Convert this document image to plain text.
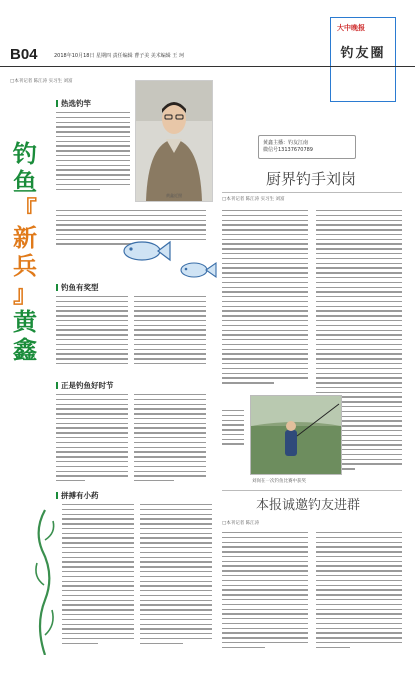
大中晚报
钓友圈
B04	2018年10月18日 星期四 责任编辑 曹子美 美术编辑 王 珂
□本刊记者 陈江涛 实习生 刘富
钓
鱼
『
新
兵
』
黄
鑫
热选钓竿
黄鑫近照
钓鱼有奖型
正是钓鱼好时节
拼搏有小药
黄鑫主播：钓友江南
微信号13137670789
厨界钓手刘岗
□本刊记者 陈江涛 实习生 刘富
刘岗在一次钓鱼比赛中获奖
本报诚邀钓友进群
□本刊记者 陈江涛
